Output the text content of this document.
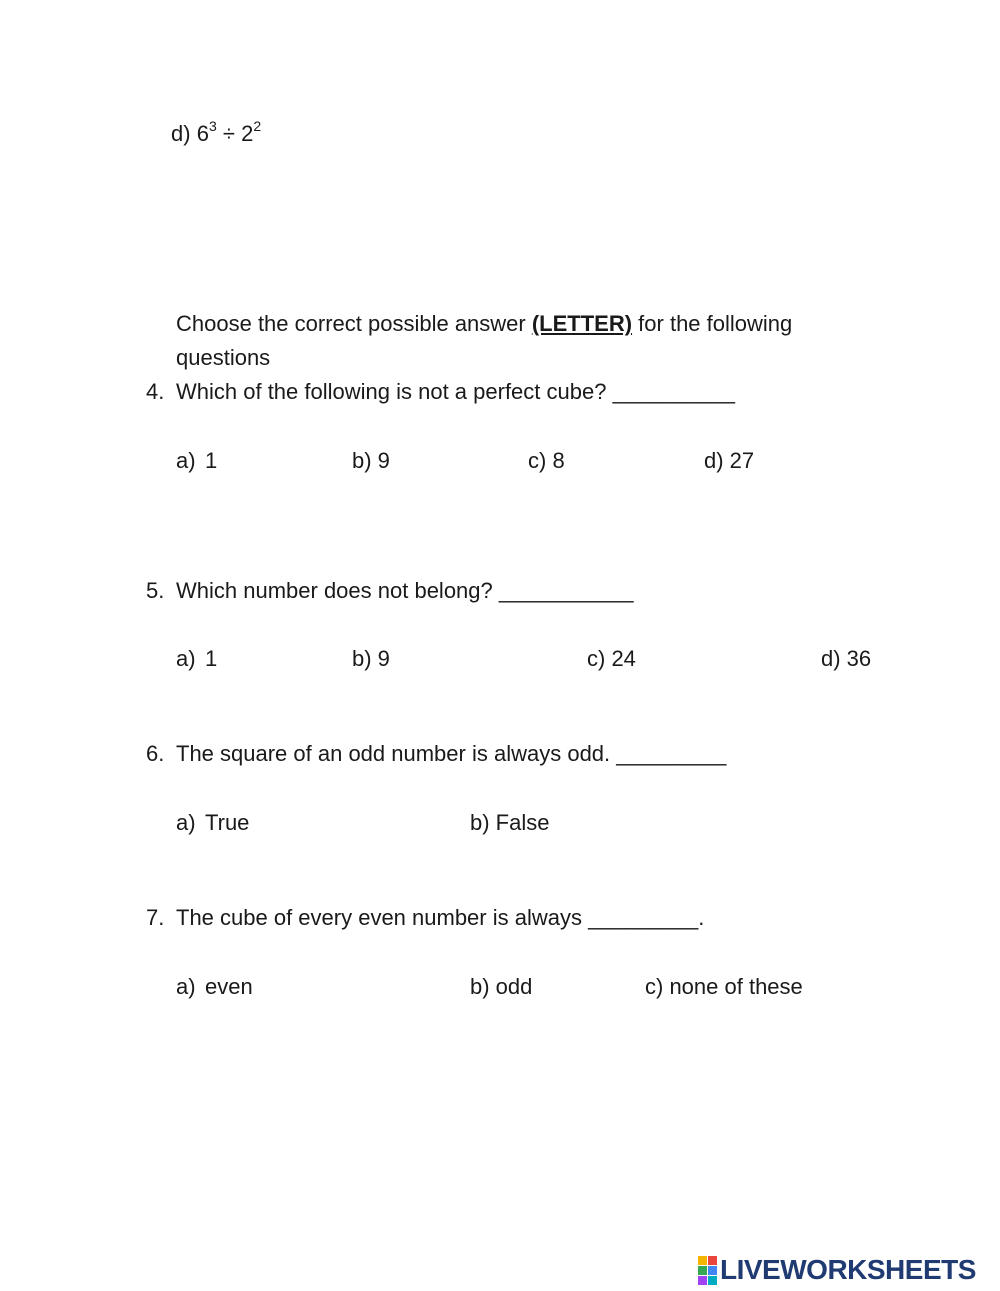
d) $6^3 \div 2^2$
Choose the correct possible answer (LETTER) for the following
questions
4. Which of the following is not a perfect cube? __________
a) 1	b) 9	c) 8	d) 27
5. Which number does not belong? ___________
a) 1	b) 9	c) 24	d) 36
6. The square of an odd number is always odd. _________
a) True	b) False
7. The cube of every even number is always _________.
a) even	b) odd	c) none of these
LIVEWORKSHEETS
